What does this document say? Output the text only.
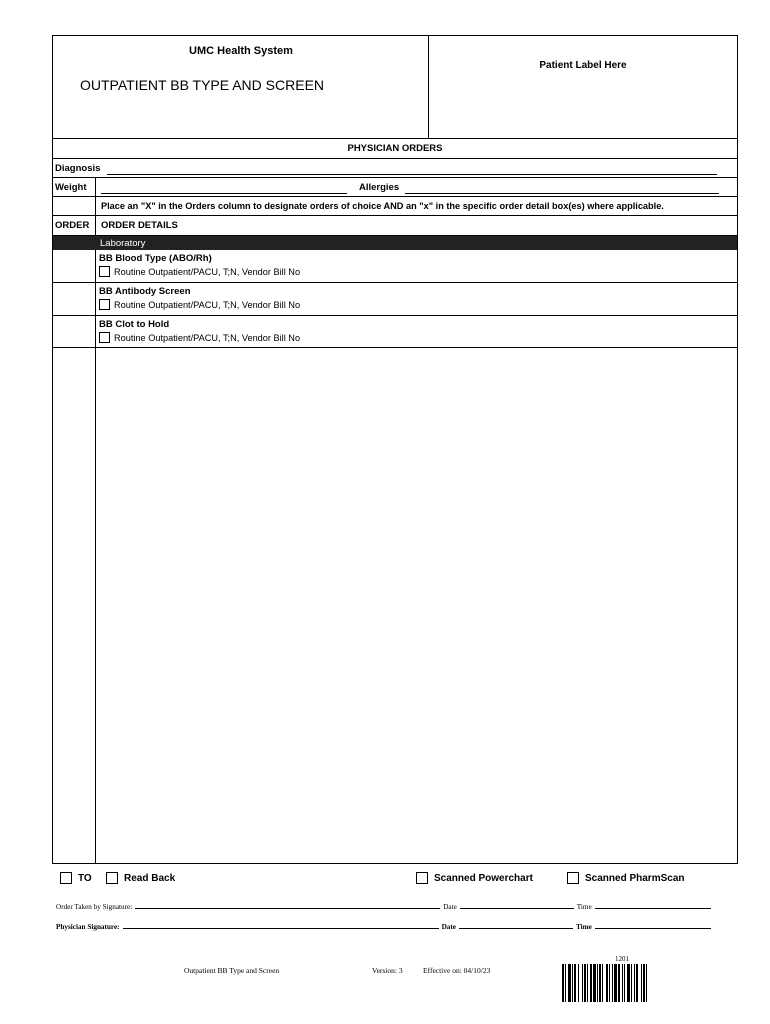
UMC Health System
OUTPATIENT BB TYPE AND SCREEN
Patient Label Here
PHYSICIAN ORDERS
Diagnosis
Weight	Allergies
Place an "X" in the Orders column to designate orders of choice AND an "x" in the specific order detail box(es) where applicable.
ORDER ORDER DETAILS
Laboratory
BB Blood Type (ABO/Rh)
Routine Outpatient/PACU, T;N, Vendor Bill No
BB Antibody Screen
Routine Outpatient/PACU, T;N, Vendor Bill No
BB Clot to Hold
Routine Outpatient/PACU, T;N, Vendor Bill No
TO	Read Back	Scanned Powerchart	Scanned PharmScan
Order Taken by Signature:	Date	Time
Physician Signature:	Date	Time
Outpatient BB Type and Screen	Version: 3	Effective on: 04/10/23
1201
